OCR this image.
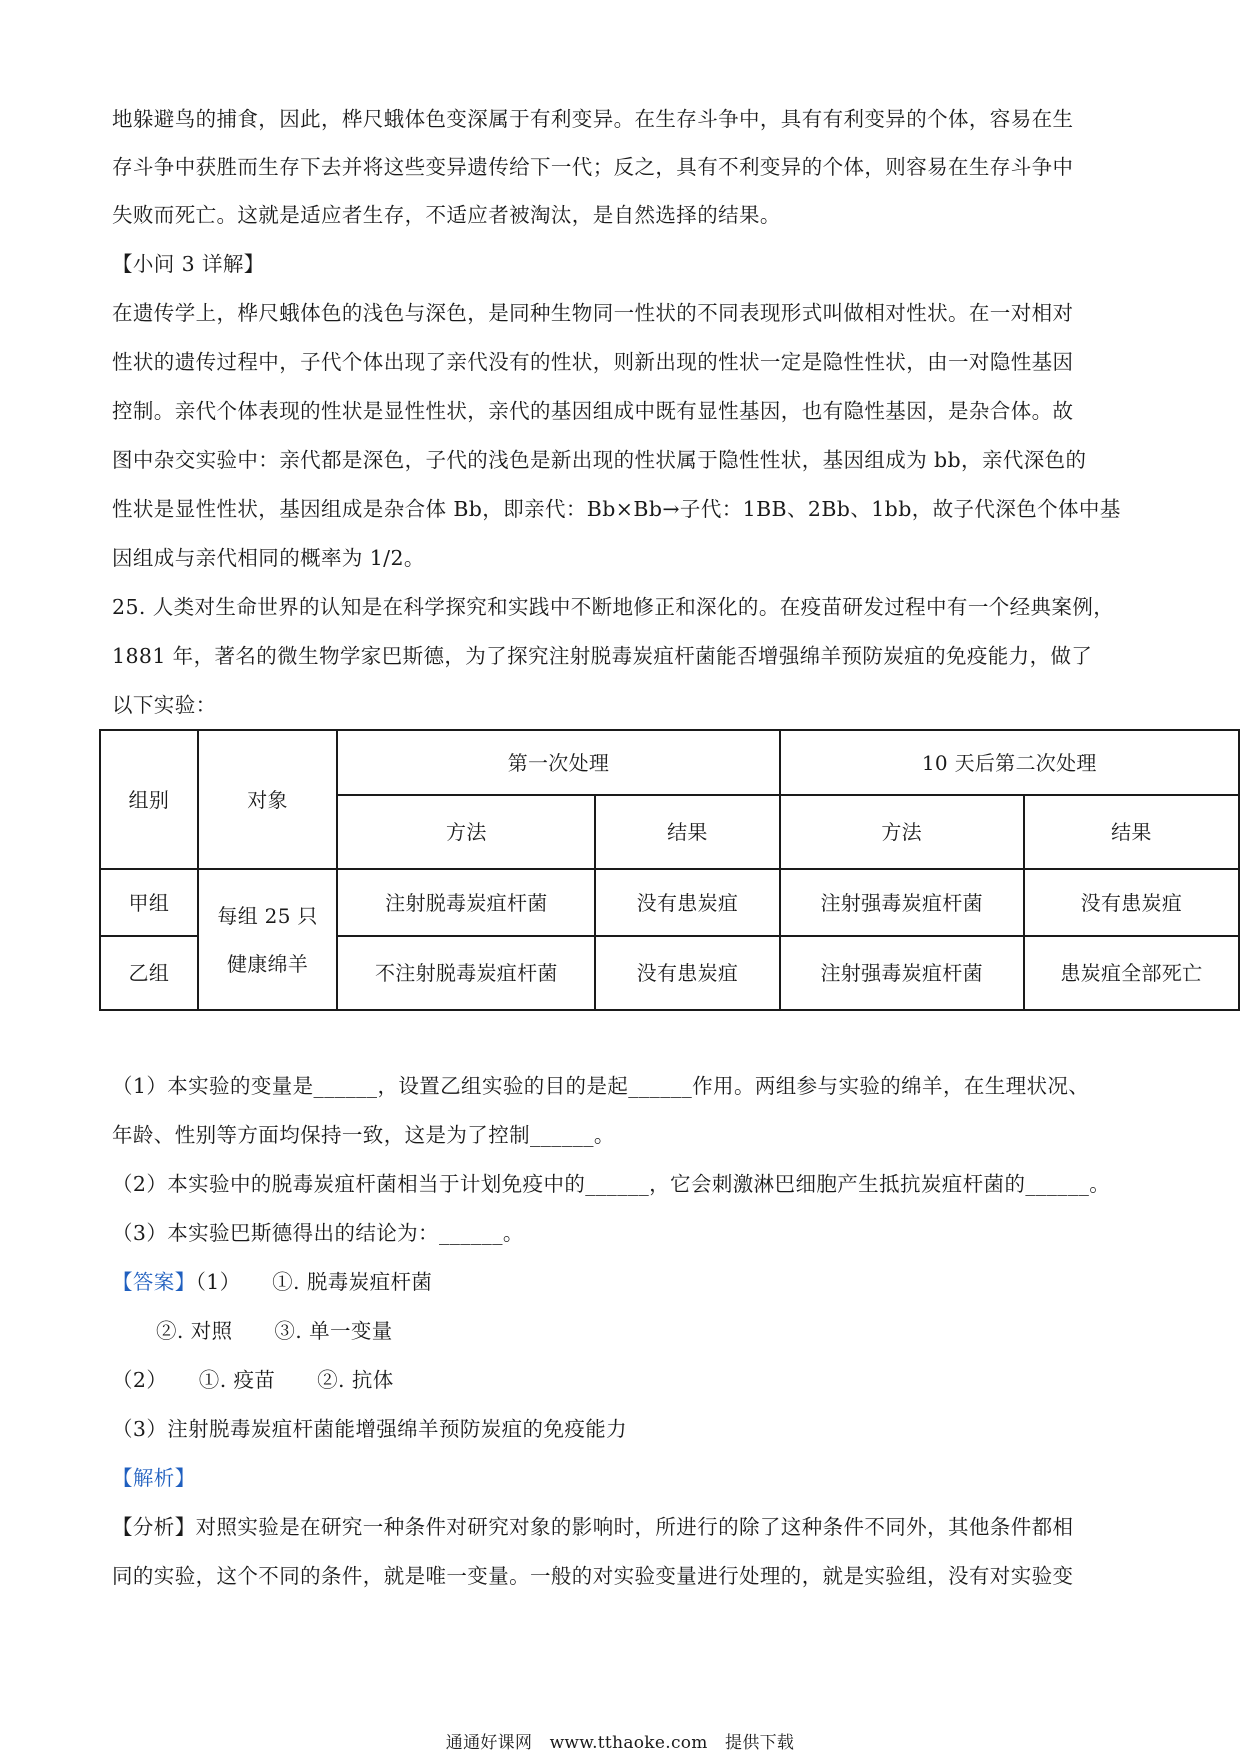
地躲避鸟的捕食，因此，桦尺蛾体色变深属于有利变异。在生存斗争中，具有有利变异的个体，容易在生
存斗争中获胜而生存下去并将这些变异遗传给下一代；反之，具有不利变异的个体，则容易在生存斗争中
失败而死亡。这就是适应者生存，不适应者被淘汰，是自然选择的结果。
【小问 3 详解】
在遗传学上，桦尺蛾体色的浅色与深色，是同种生物同一性状的不同表现形式叫做相对性状。在一对相对
性状的遗传过程中，子代个体出现了亲代没有的性状，则新出现的性状一定是隐性性状，由一对隐性基因
控制。亲代个体表现的性状是显性性状，亲代的基因组成中既有显性基因，也有隐性基因，是杂合体。故
图中杂交实验中：亲代都是深色，子代的浅色是新出现的性状属于隐性性状，基因组成为 bb，亲代深色的
性状是显性性状，基因组成是杂合体 Bb，即亲代：Bb×Bb→子代：1BB、2Bb、1bb，故子代深色个体中基
因组成与亲代相同的概率为 1/2。
25. 人类对生命世界的认知是在科学探究和实践中不断地修正和深化的。在疫苗研发过程中有一个经典案例，
1881 年，著名的微生物学家巴斯德，为了探究注射脱毒炭疽杆菌能否增强绵羊预防炭疽的免疫能力，做了
以下实验：
组别	对象	第一次处理		10 天后第二次处理	
		方法	结果	方法	结果
甲组	每组 25 只健康绵羊	注射脱毒炭疽杆菌	没有患炭疽	注射强毒炭疽杆菌	没有患炭疽
乙组		不注射脱毒炭疽杆菌	没有患炭疽	注射强毒炭疽杆菌	患炭疽全部死亡
（1）本实验的变量是______，设置乙组实验的目的是起______作用。两组参与实验的绵羊，在生理状况、
年龄、性别等方面均保持一致，这是为了控制______。
（2）本实验中的脱毒炭疽杆菌相当于计划免疫中的______，它会刺激淋巴细胞产生抵抗炭疽杆菌的______。
（3）本实验巴斯德得出的结论为：______。
【答案】（1）　　①. 脱毒炭疽杆菌
②. 对照　　③. 单一变量
（2）　　①. 疫苗　　②. 抗体
（3）注射脱毒炭疽杆菌能增强绵羊预防炭疽的免疫能力
【解析】
【分析】对照实验是在研究一种条件对研究对象的影响时，所进行的除了这种条件不同外，其他条件都相
同的实验，这个不同的条件，就是唯一变量。一般的对实验变量进行处理的，就是实验组，没有对实验变
通通好课网　www.tthaoke.com　提供下载
